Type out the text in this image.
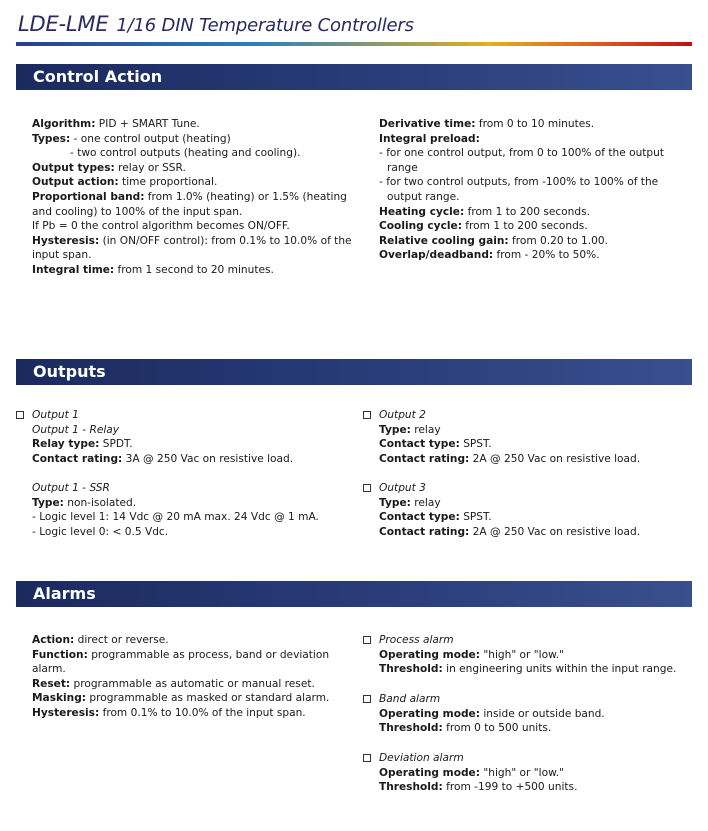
LDE-LME 1/16 DIN Temperature Controllers
Control Action
Algorithm: PID + SMART Tune.
Types: - one control output (heating)
- two control outputs (heating and cooling).
Output types: relay or SSR.
Output action: time proportional.
Proportional band: from 1.0% (heating) or 1.5% (heating
and cooling) to 100% of the input span.
If Pb = 0 the control algorithm becomes ON/OFF.
Hysteresis: (in ON/OFF control): from 0.1% to 10.0% of the
input span.
Integral time: from 1 second to 20 minutes.
Derivative time: from 0 to 10 minutes.
Integral preload:
- for one control output, from 0 to 100% of the output
range
- for two control outputs, from -100% to 100% of the
output range.
Heating cycle: from 1 to 200 seconds.
Cooling cycle: from 1 to 200 seconds.
Relative cooling gain: from 0.20 to 1.00.
Overlap/deadband: from - 20% to 50%.
Outputs
Output 1
Output 1 - Relay
Relay type: SPDT.
Contact rating: 3A @ 250 Vac on resistive load.
Output 1 - SSR
Type: non-isolated.
- Logic level 1: 14 Vdc @ 20 mA max. 24 Vdc @ 1 mA.
- Logic level 0: < 0.5 Vdc.
Output 2
Type: relay
Contact type: SPST.
Contact rating: 2A @ 250 Vac on resistive load.
Output 3
Type: relay
Contact type: SPST.
Contact rating: 2A @ 250 Vac on resistive load.
Alarms
Action: direct or reverse.
Function: programmable as process, band or deviation
alarm.
Reset: programmable as automatic or manual reset.
Masking: programmable as masked or standard alarm.
Hysteresis: from 0.1% to 10.0% of the input span.
Process alarm
Operating mode: "high" or "low."
Threshold: in engineering units within the input range.
Band alarm
Operating mode: inside or outside band.
Threshold: from 0 to 500 units.
Deviation alarm
Operating mode: "high" or "low."
Threshold: from -199 to +500 units.
